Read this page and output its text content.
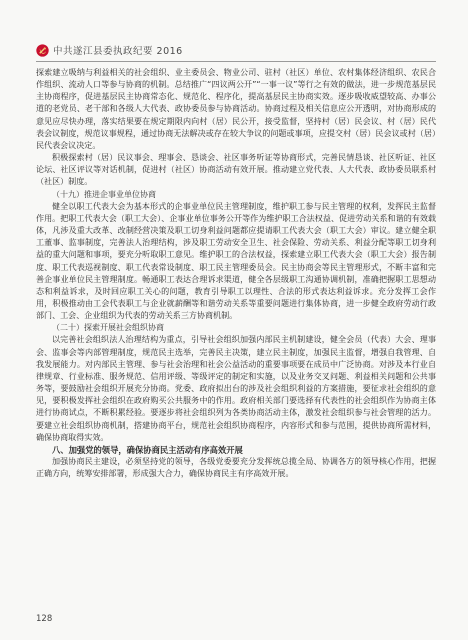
中共遂江县委执政纪要 2016

探索建立吸纳与利益相关的社会组织、业主委员会、物业公司、驻村（社区）单位、农村集体经济组织、农民合作组织、流动人口等参与协商的机制。总结推广“四议两公开”“一事一议”等行之有效的做法，进一步规范基层民主协商程序，促进基层民主协商常态化、规范化、程序化，提高基层民主协商实效。逐步吸收威望较高、办事公道的老党员、老干部和各级人大代表、政协委员参与协商活动。协商过程及相关信息应公开透明，对协商形成的意见应尽快办理，落实结果要在规定期限内向村（居）民公开，接受监督，坚持村（居）民会议、村（居）民代表会议制度，规范议事规程，通过协商无法解决或存在较大争议的问题或事项，应提交村（居）民会议或村（居）民代表会议决定。

积极探索村（居）民议事会、理事会、恳谈会、社区事务听证等协商形式，完善民情恳谈、社区听证、社区论坛、社区评议等对话机制，促进村（社区）协商活动有效开展。推动建立党代表、人大代表、政协委员联系村（社区）制度。

（十九）推进企事业单位协商

健全以职工代表大会为基本形式的企事业单位民主管理制度，维护职工参与民主管理的权利，发挥民主监督作用。把职工代表大会（职工大会）、企事业单位事务公开等作为维护职工合法权益、促进劳动关系和谐的有效载体，凡涉及重大改革、改制经营决策及职工切身利益问题都应提请职工代表大会（职工大会）审议。建立健全职工董事、监事制度，完善法人治理结构，涉及职工劳动安全卫生、社会保险、劳动关系、利益分配等职工切身利益的重大问题和事项，要充分听取职工意见。维护职工的合法权益，探索建立职工代表大会（职工大会）报告制度、职工代表巡视制度、职工代表常设制度、职工民主管理委员会。民主协商会等民主管理形式，不断丰富和完善企事业单位民主管理制度。畅通职工表达合理诉求渠道，健全各层级职工沟通协调机制，准确把握职工思想动态和利益诉求，及时回应职工关心的问题，教育引导职工以理性、合法的形式表达利益诉求。充分发挥工会作用，积极推动由工会代表职工与企业就薪酬等和谐劳动关系等重要问题进行集体协商，进一步健全政府劳动行政部门、工会、企业组织为代表的劳动关系三方协商机制。

（二十）探索开展社会组织协商

以完善社会组织法人治理结构为重点，引导社会组织加强内部民主机制建设，健全会员（代表）大会、理事会、监事会等内部管理制度，规范民主选举，完善民主决策，建立民主制度，加强民主监督，增强自我管理、自我发展能力。对内部民主管理、参与社会治理和社会公益活动的重要事项要在成员中广泛协商。对涉及本行业自律规章、行业标准、服务规范、信用评级、等级评定的制定和实施，以及业务交叉问题、利益相关问题和公共事务等，要鼓励社会组织开展充分协商。党委、政府拟出台的涉及社会组织利益的方案措施，要征求社会组织的意见，要积极发挥社会组织在政府购买公共服务中的作用。政府相关部门要选择有代表性的社会组织作为协商主体进行协商试点，不断积累经验。要逐步将社会组织列为各类协商活动主体，激发社会组织参与社会管理的活力。要建立社会组织协商机制，搭建协商平台，规范社会组织协商程序，内容形式和参与范围，提供协商所需材料，确保协商取得实效。

八、加强党的领导，确保协商民主活动有序高效开展

加强协商民主建设，必须坚持党的领导，各级党委要充分发挥统总揽全局、协调各方的领导核心作用，把握正确方向，统筹安排部署，形成强大合力，确保协商民主有序高效开展。

128
